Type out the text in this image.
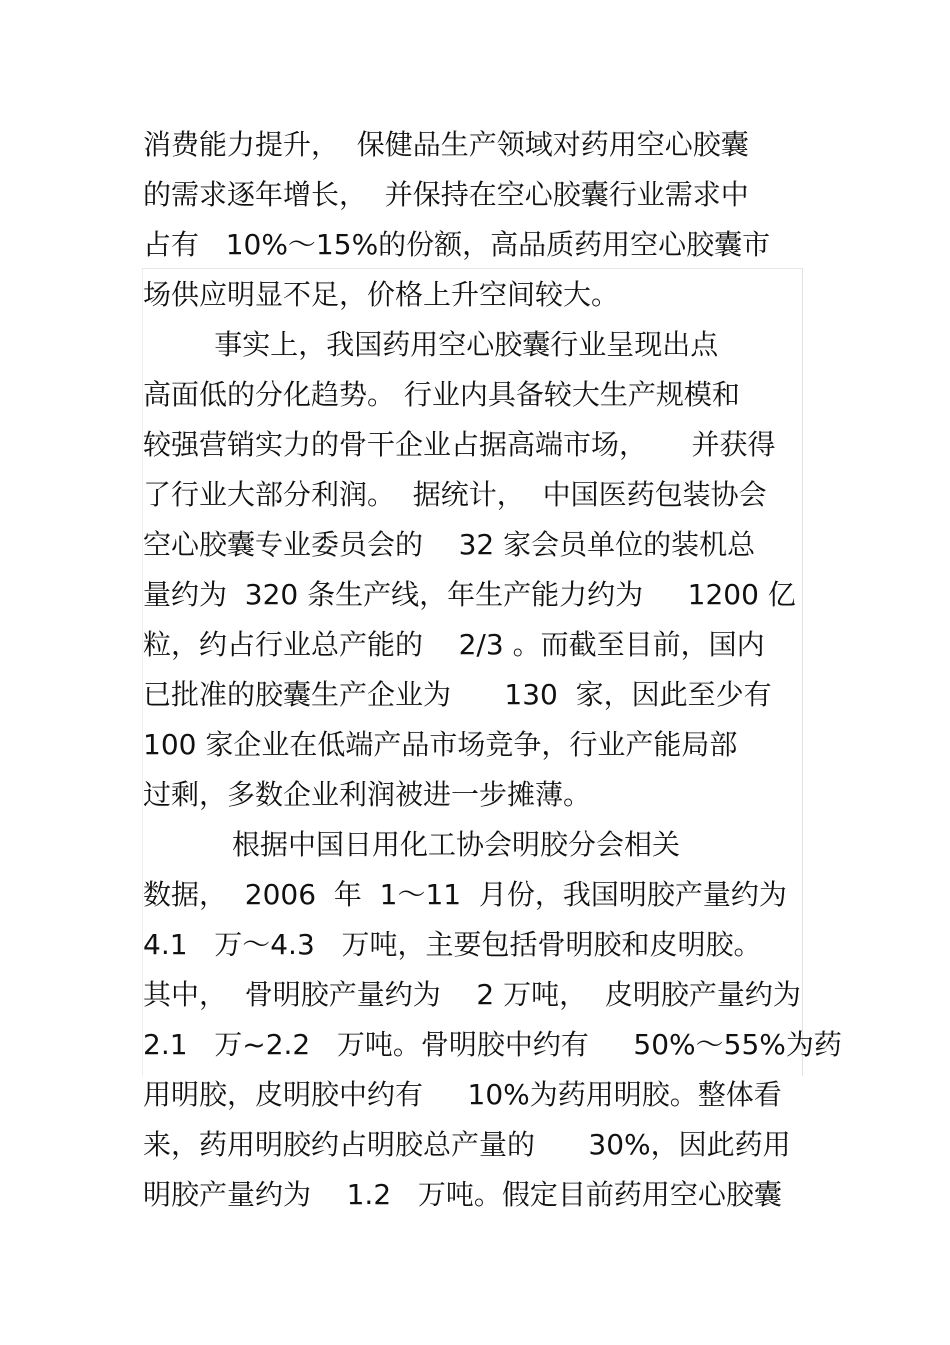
消费能力提升，  保健品生产领域对药用空心胶囊
的需求逐年增长，  并保持在空心胶囊行业需求中
占有   10%～15%的份额，高品质药用空心胶囊市
场供应明显不足，价格上升空间较大。
事实上，我国药用空心胶囊行业呈现出点
高面低的分化趋势。 行业内具备较大生产规模和
较强营销实力的骨干企业占据高端市场，     并获得
了行业大部分利润。  据统计，  中国医药包装协会
空心胶囊专业委员会的    32 家会员单位的装机总
量约为  320 条生产线，年生产能力约为     1200 亿
粒，约占行业总产能的    2/3 。而截至目前，国内
已批准的胶囊生产企业为      130  家，因此至少有
100 家企业在低端产品市场竞争，行业产能局部
过剩，多数企业利润被进一步摊薄。
根据中国日用化工协会明胶分会相关
数据，  2006  年  1～11  月份，我国明胶产量约为
4.1   万～4.3   万吨，主要包括骨明胶和皮明胶。
其中，  骨明胶产量约为    2 万吨，  皮明胶产量约为
2.1   万~2.2   万吨。骨明胶中约有     50%～55%为药
用明胶，皮明胶中约有     10%为药用明胶。整体看
来，药用明胶约占明胶总产量的      30%，因此药用
明胶产量约为    1.2   万吨。假定目前药用空心胶囊
